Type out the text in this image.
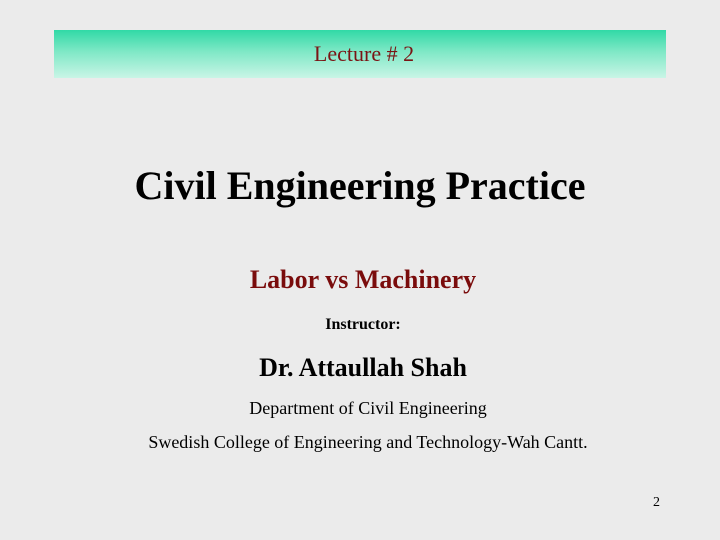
Lecture # 2
Civil Engineering Practice
Labor vs Machinery
Instructor:
Dr. Attaullah Shah
Department of Civil Engineering
Swedish College of Engineering and Technology-Wah Cantt.
2
